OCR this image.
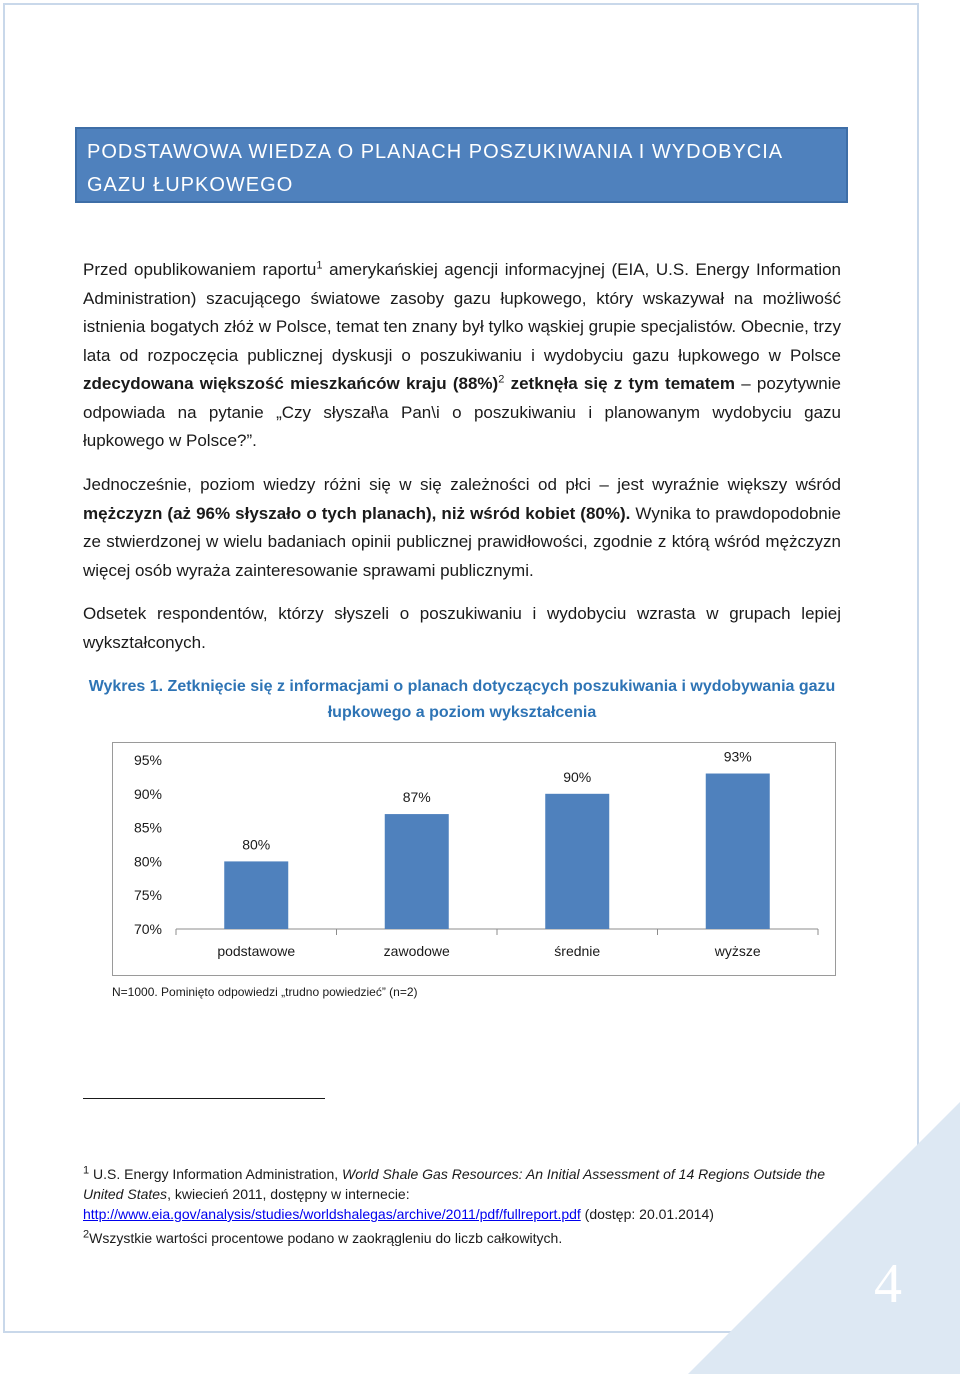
4
PODSTAWOWA WIEDZA O PLANACH POSZUKIWANIA I WYDOBYCIA GAZU ŁUPKOWEGO
Przed opublikowaniem raportu$^1$ amerykańskiej agencji informacyjnej (EIA, U.S. Energy Information Administration) szacującego światowe zasoby gazu łupkowego, który wskazywał na możliwość istnienia bogatych złóż w Polsce, temat ten znany był tylko wąskiej grupie specjalistów. Obecnie, trzy lata od rozpoczęcia publicznej dyskusji o poszukiwaniu i wydobyciu gazu łupkowego w Polsce zdecydowana większość mieszkańców kraju $(88\%)^2$ zetknęła się z tym tematem – pozytywnie odpowiada na pytanie „Czy słyszał\a Pan\i o poszukiwaniu i planowanym wydobyciu gazu łupkowego w Polsce?”.
Jednocześnie, poziom wiedzy różni się w się zależności od płci – jest wyraźnie większy wśród mężczyzn (aż 96% słyszało o tych planach), niż wśród kobiet (80%). Wynika to prawdopodobnie ze stwierdzonej w wielu badaniach opinii publicznej prawidłowości, zgodnie z którą wśród mężczyzn więcej osób wyraża zainteresowanie sprawami publicznymi.
Odsetek respondentów, którzy słyszeli o poszukiwaniu i wydobyciu wzrasta w grupach lepiej wykształconych.
Wykres 1. Zetknięcie się z informacjami o planach dotyczących poszukiwania i wydobywania gazu łupkowego a poziom wykształcenia
95%
90%
85%
80%
75%
70%
80%
podstawowe
87%
zawodowe
90%
średnie
93%
wyższe
N=1000. Pominięto odpowiedzi „trudno powiedzieć” (n=2)
$^1$ U.S. Energy Information Administration, World Shale Gas Resources: An Initial Assessment of 14 Regions Outside the United States, kwiecień 2011, dostępny w internecie:
http://www.eia.gov/analysis/studies/worldshalegas/archive/2011/pdf/fullreport.pdf (dostęp: 20.01.2014)
$^2$Wszystkie wartości procentowe podano w zaokrągleniu do liczb całkowitych.
